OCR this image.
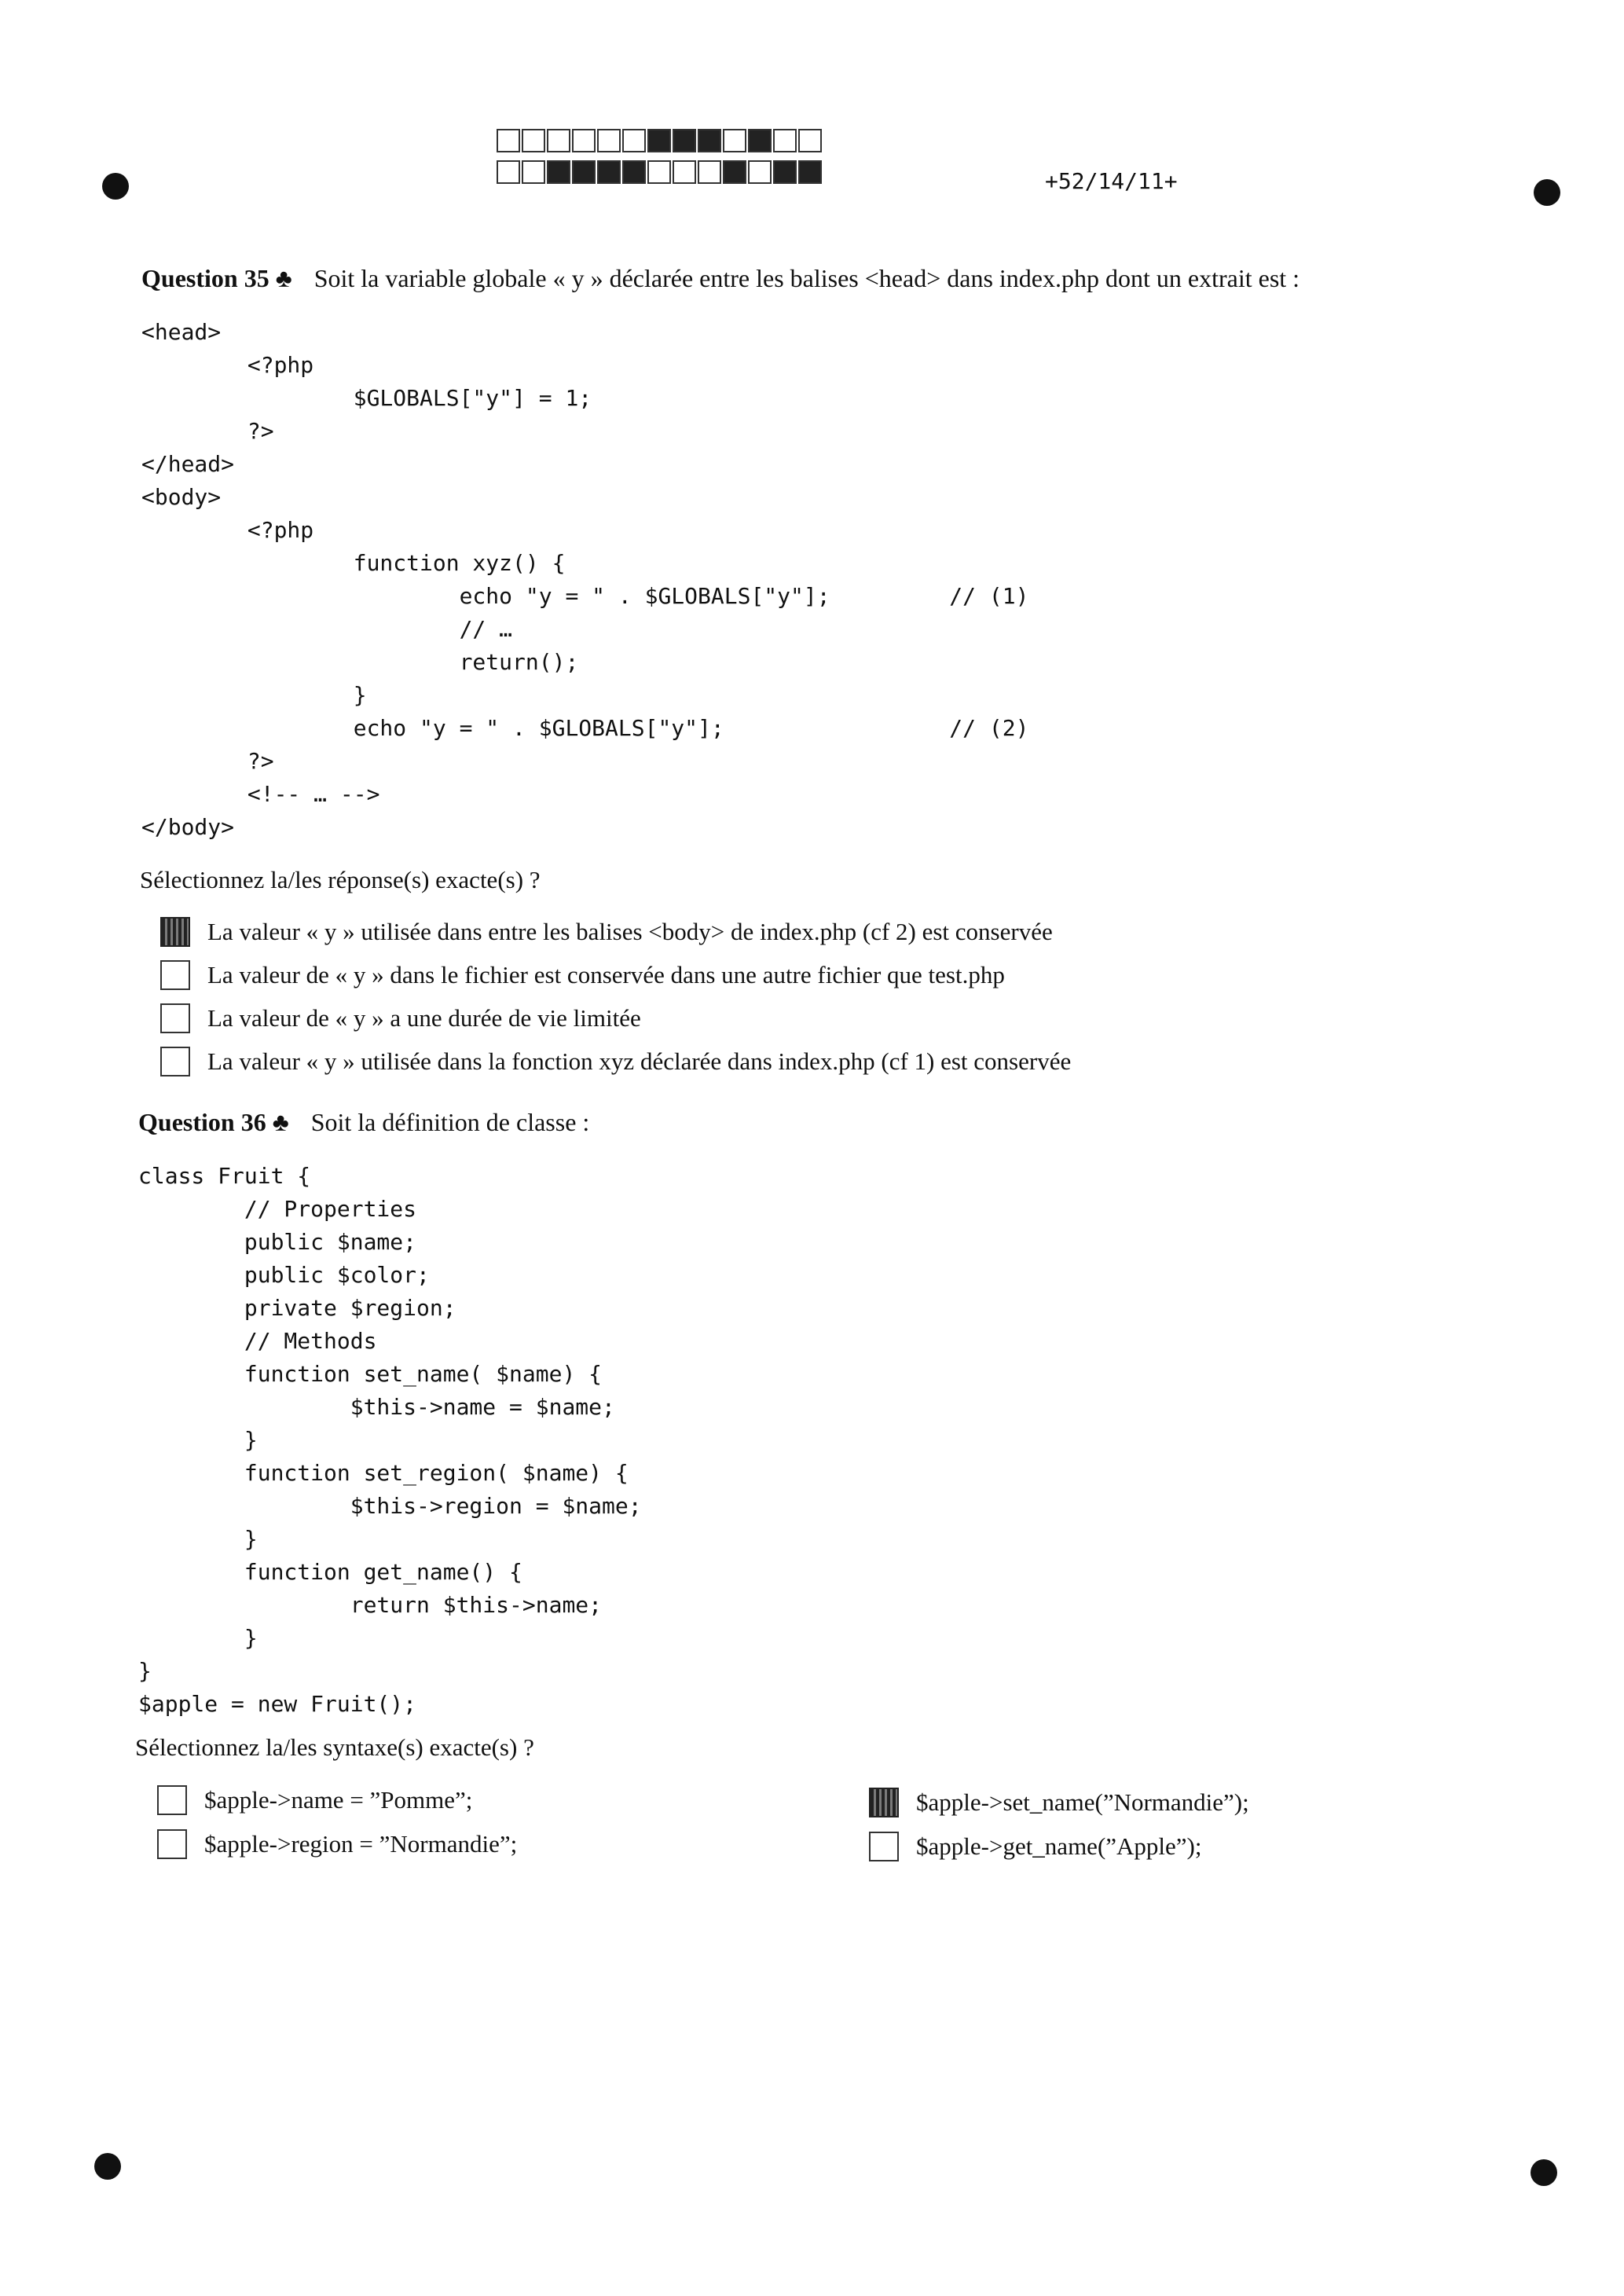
+52/14/11+
Question 35 ♣ Soit la variable globale « y » déclarée entre les balises <head> dans index.php dont un extrait est :
<head>
<?php
$GLOBALS["y"] = 1;
?>
</head>
<body>
<?php
function xyz() {
echo "y = " . $GLOBALS["y"];         // (1)
// …
return();
}
echo "y = " . $GLOBALS["y"];                 // (2)
?>
<!-- … -->
</body>
Sélectionnez la/les réponse(s) exacte(s) ?
La valeur « y » utilisée dans entre les balises <body> de index.php (cf 2) est conservée
La valeur de « y » dans le fichier est conservée dans une autre fichier que test.php
La valeur de « y » a une durée de vie limitée
La valeur « y » utilisée dans la fonction xyz déclarée dans index.php (cf 1) est conservée
Question 36 ♣ Soit la définition de classe :
class Fruit {
// Properties
public $name;
public $color;
private $region;
// Methods
function set_name( $name) {
$this->name = $name;
}
function set_region( $name) {
$this->region = $name;
}
function get_name() {
return $this->name;
}
}
$apple = new Fruit();
Sélectionnez la/les syntaxe(s) exacte(s) ?
$apple->name = ”Pomme”;
$apple->region = ”Normandie”;
$apple->set_name(”Normandie”);
$apple->get_name(”Apple”);
